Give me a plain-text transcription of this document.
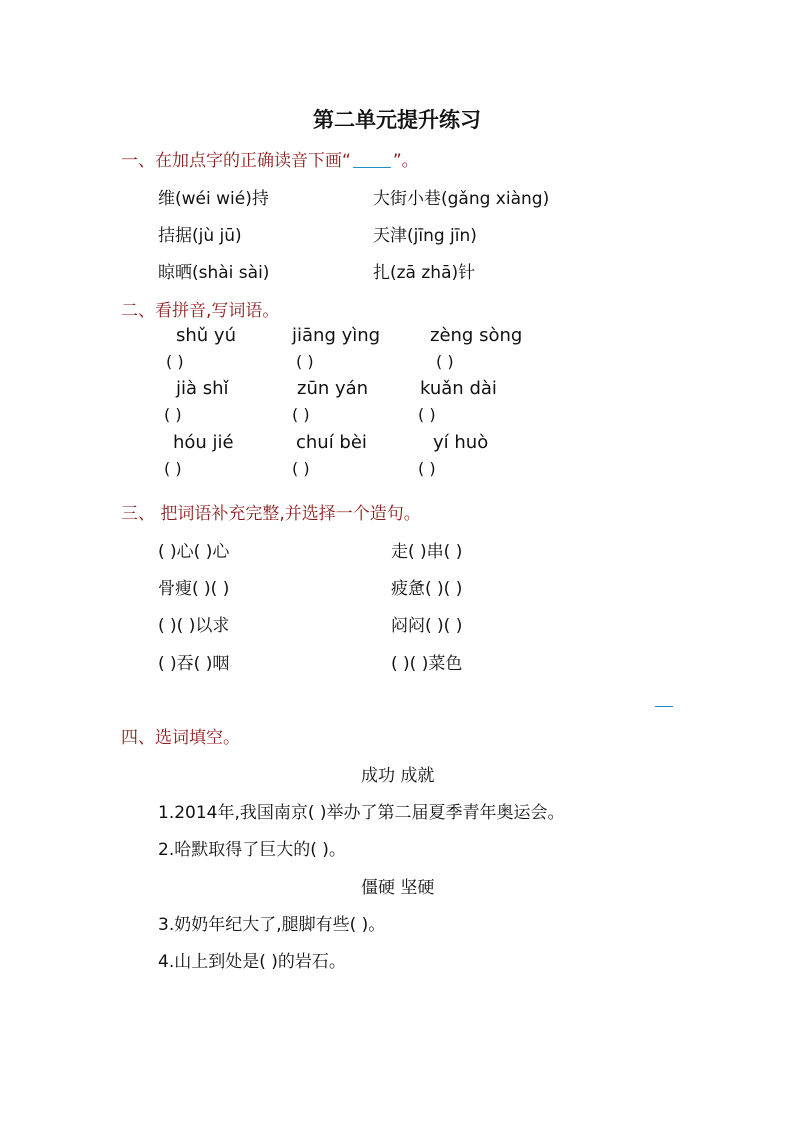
第二单元提升练习
一、在加点字的正确读音下画“ ”。
维(wéi wié)持	大街小巷(gǎng xiàng)
拮据(jù jū)	天津(jīng jīn)
晾晒(shài sài)	扎(zā zhā)针
二、看拼音,写词语。
shǔ yú	jiāng yìng	zèng sòng
( )	( )	( )
jià shǐ	zūn yán	kuǎn dài
( )	( )	( )
hóu jié	chuí bèi	yí huò
( )	( )	( )
三、 把词语补充完整,并选择一个造句。
( )心( )心	走( )串( )
骨瘦( )( )	疲惫( )( )
( )( )以求	闷闷( )( )
( )吞( )咽	( )( )菜色
四、选词填空。
成功 成就
1.2014年,我国南京( )举办了第二届夏季青年奥运会。
2.哈默取得了巨大的( )。
僵硬 坚硬
3.奶奶年纪大了,腿脚有些( )。
4.山上到处是( )的岩石。
